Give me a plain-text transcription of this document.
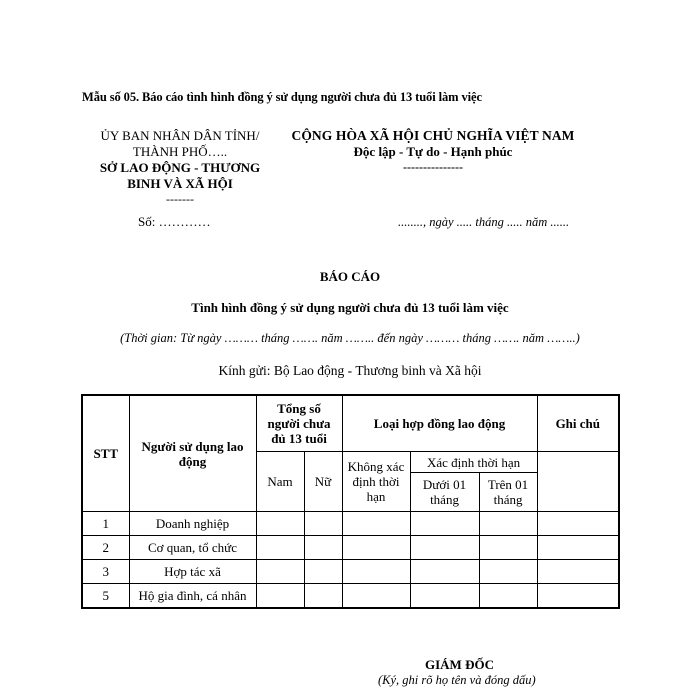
Mẫu số 05. Báo cáo tình hình đồng ý sử dụng người chưa đủ 13 tuổi làm việc
ỦY BAN NHÂN DÂN TỈNH/
THÀNH PHỐ…..
SỞ LAO ĐỘNG - THƯƠNG
BINH VÀ XÃ HỘI
-------
CỘNG HÒA XÃ HỘI CHỦ NGHĨA VIỆT NAM
Độc lập - Tự do - Hạnh phúc
---------------
Số: …………	........, ngày ..... tháng ..... năm ......
BÁO CÁO
Tình hình đồng ý sử dụng người chưa đủ 13 tuổi làm việc
(Thời gian: Từ ngày ……… tháng ……. năm …….. đến ngày ……… tháng ……. năm ……..)
Kính gửi: Bộ Lao động - Thương binh và Xã hội
STT	Người sử dụng lao động	Tổng số người chưa đủ 13 tuổi		Loại hợp đồng lao động			Ghi chú
		Nam	Nữ	Không xác định thời hạn	Xác định thời hạn		
					Dưới 01 tháng	Trên 01 tháng	
1	Doanh nghiệp						
2	Cơ quan, tổ chức						
3	Hợp tác xã						
5	Hộ gia đình, cá nhân						
GIÁM ĐỐC
(Ký, ghi rõ họ tên và đóng dấu)
